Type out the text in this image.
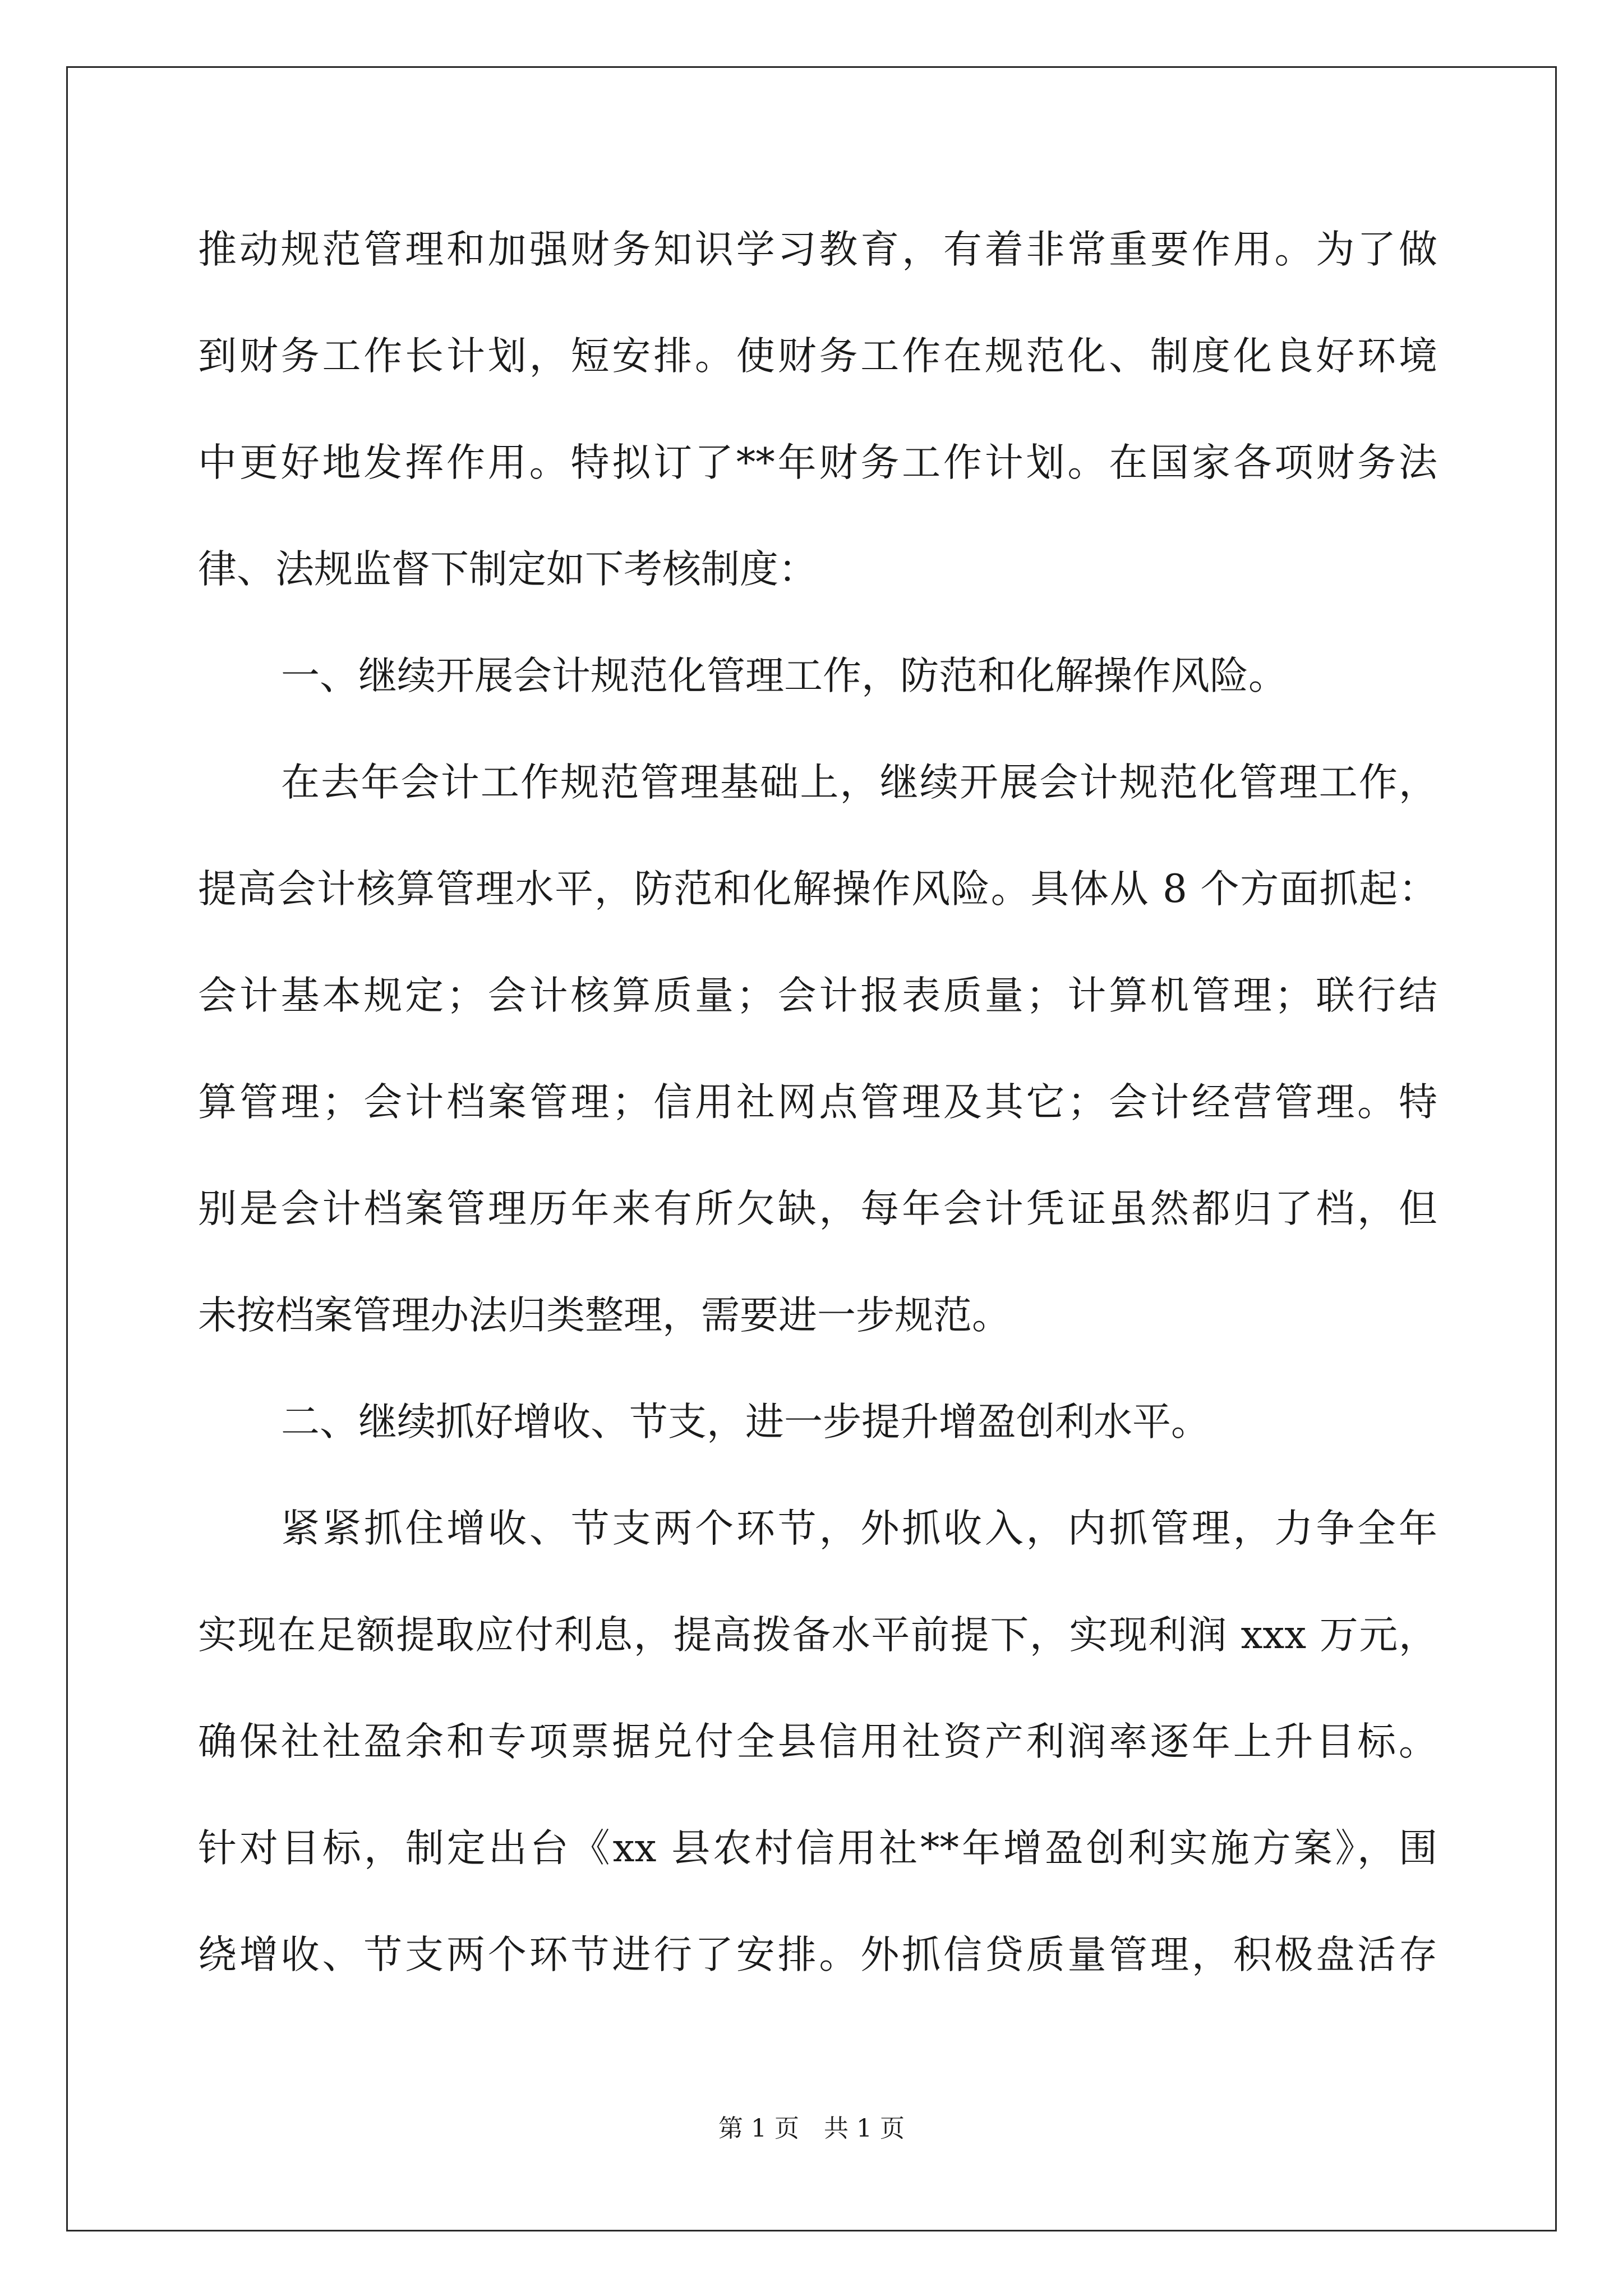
推动规范管理和加强财务知识学习教育，有着非常重要作用。为了做
到财务工作长计划，短安排。使财务工作在规范化、制度化良好环境
中更好地发挥作用。特拟订了**年财务工作计划。在国家各项财务法
律、法规监督下制定如下考核制度：
一、继续开展会计规范化管理工作，防范和化解操作风险。
在去年会计工作规范管理基础上，继续开展会计规范化管理工作，
提高会计核算管理水平，防范和化解操作风险。具体从 8 个方面抓起：
会计基本规定；会计核算质量；会计报表质量；计算机管理；联行结
算管理；会计档案管理；信用社网点管理及其它；会计经营管理。特
别是会计档案管理历年来有所欠缺，每年会计凭证虽然都归了档，但
未按档案管理办法归类整理，需要进一步规范。
二、继续抓好增收、节支，进一步提升增盈创利水平。
紧紧抓住增收、节支两个环节，外抓收入，内抓管理，力争全年
实现在足额提取应付利息，提高拨备水平前提下，实现利润 xxx 万元，
确保社社盈余和专项票据兑付全县信用社资产利润率逐年上升目标。
针对目标，制定出台《xx 县农村信用社**年增盈创利实施方案》，围
绕增收、节支两个环节进行了安排。外抓信贷质量管理，积极盘活存
第 1 页　共 1 页
